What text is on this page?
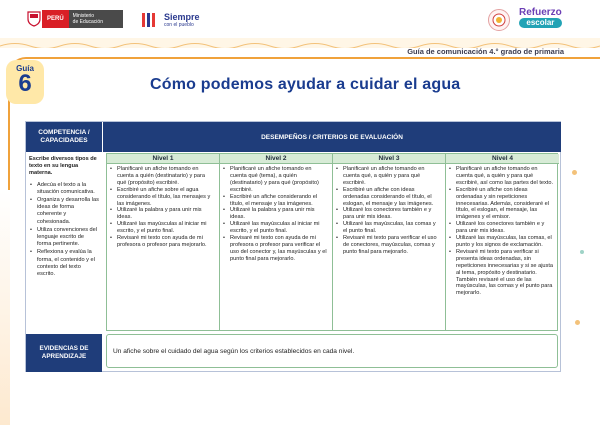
PERÚ	Ministerio
de Educación
Siempre
con el pueblo
Refuerzo
escolar
Guía de comunicación 4.° grado de primaria
Guía
6	Cómo podemos ayudar a cuidar el agua
COMPETENCIA /
CAPACIDADES	DESEMPEÑOS / CRITERIOS DE EVALUACIÓN
Escribe diversos tipos de texto en su lengua materna.
• Adecúa el texto a la situación comunicativa.
• Organiza y desarrolla las ideas de forma coherente y cohesionada.
• Utiliza convenciones del lenguaje escrito de forma pertinente.
• Reflexiona y evalúa la forma, el contenido y el contexto del texto escrito.
Nivel 1
• Planificaré un afiche tomando en cuenta a quién (destinatario) y para qué (propósito) escribiré.
• Escribiré un afiche sobre el agua considerando el título, las mensajes y las imágenes.
• Utilizaré la palabra y para unir mis ideas.
• Utilizaré las mayúsculas al iniciar mi escrito, y el punto final.
• Revisaré mi texto con ayuda de mi profesora o profesor para mejorarlo.
Nivel 2
• Planificaré un afiche tomando en cuenta qué (tema), a quién (destinatario) y para qué (propósito) escribiré.
• Escribiré un afiche considerando el título, el mensaje y las imágenes.
• Utilizaré la palabra y para unir mis ideas.
• Utilizaré las mayúsculas al iniciar mi escrito, y el punto final.
• Revisaré mi texto con ayuda de mi profesora o profesor para verificar el uso del conector y, las mayúsculas y el punto final para mejorarlo.
Nivel 3
• Planificaré un afiche tomando en cuenta qué, a quién y para qué escribiré.
• Escribiré un afiche con ideas ordenadas considerando el título, el eslogan, el mensaje y las imágenes.
• Utilizaré los conectores también e y para unir mis ideas.
• Utilizaré las mayúsculas, las comas y el punto final.
• Revisaré mi texto para verificar el uso de conectores, mayúsculas, comas y punto final para mejorarlo.
Nivel 4
• Planificaré un afiche tomando en cuenta qué, a quién y para qué escribiré, así como las partes del texto.
• Escribiré un afiche con ideas ordenadas y sin repeticiones innecesarias. Además, consideraré el título, el eslogan, el mensaje, las imágenes y el emisor.
• Utilizaré los conectores también e y para unir mis ideas.
• Utilizaré las mayúsculas, las comas, el punto y los signos de exclamación.
• Revisaré mi texto para verificar si presenta ideas ordenadas, sin repeticiones innecesarias y si se ajusta al tema, propósito y destinatario. También revisaré el uso de las mayúsculas, las comas y el punto para mejorarlo.
EVIDENCIAS DE
APRENDIZAJE
Un afiche sobre el cuidado del agua según los criterios establecidos en cada nivel.
